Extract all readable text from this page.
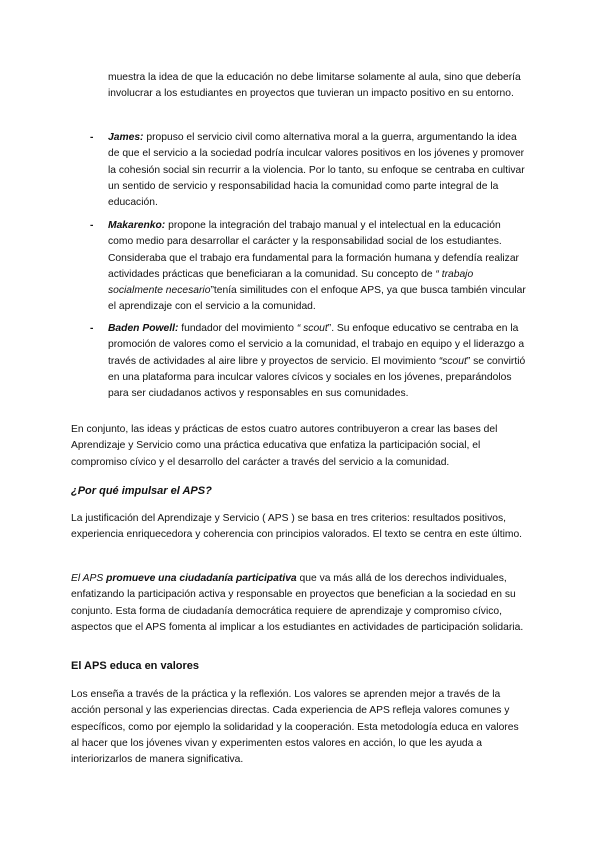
muestra la idea de que la educación no debe limitarse solamente al aula, sino que debería involucrar a los estudiantes en proyectos que tuvieran un impacto positivo en su entorno.

- James: propuso el servicio civil como alternativa moral a la guerra, argumentando la idea de que el servicio a la sociedad podría inculcar valores positivos en los jóvenes y promover la cohesión social sin recurrir a la violencia. Por lo tanto, su enfoque se centraba en cultivar un sentido de servicio y responsabilidad hacia la comunidad como parte integral de la educación.

- Makarenko: propone la integración del trabajo manual y el intelectual en la educación como medio para desarrollar el carácter y la responsabilidad social de los estudiantes. Consideraba que el trabajo era fundamental para la formación humana y defendía realizar actividades prácticas que beneficiaran a la comunidad. Su concepto de “ trabajo socialmente necesario”tenía similitudes con el enfoque APS, ya que busca también vincular el aprendizaje con el servicio a la comunidad.

- Baden Powell: fundador del movimiento “ scout”. Su enfoque educativo se centraba en la promoción de valores como el servicio a la comunidad, el trabajo en equipo y el liderazgo a través de actividades al aire libre y proyectos de servicio. El movimiento “scout” se convirtió en una plataforma para inculcar valores cívicos y sociales en los jóvenes, preparándolos para ser ciudadanos activos y responsables en sus comunidades.

En conjunto, las ideas y prácticas de estos cuatro autores contribuyeron a crear las bases del Aprendizaje y Servicio como una práctica educativa que enfatiza la participación social, el compromiso cívico y el desarrollo del carácter a través del servicio a la comunidad.

¿Por qué impulsar el APS?

La justificación del Aprendizaje y Servicio ( APS ) se basa en tres criterios: resultados positivos, experiencia enriquecedora y coherencia con principios valorados. El texto se centra en este último.

El APS promueve una ciudadanía participativa que va más allá de los derechos individuales, enfatizando la participación activa y responsable en proyectos que benefician a la sociedad en su conjunto. Esta forma de ciudadanía democrática requiere de aprendizaje y compromiso cívico, aspectos que el APS fomenta al implicar a los estudiantes en actividades de participación solidaria.

El APS educa en valores

Los enseña a través de la práctica y la reflexión. Los valores se aprenden mejor a través de la acción personal y las experiencias directas. Cada experiencia de APS refleja valores comunes y específicos, como por ejemplo la solidaridad y la cooperación. Esta metodología educa en valores al hacer que los jóvenes vivan y experimenten estos valores en acción, lo que les ayuda a interiorizarlos de manera significativa.
